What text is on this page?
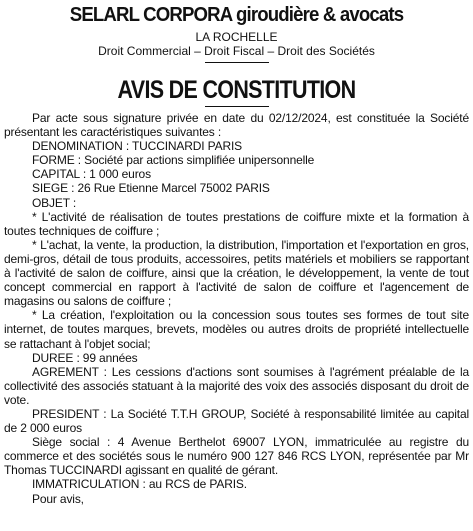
SELARL CORPORA giroudière & avocats
LA ROCHELLE
Droit Commercial – Droit Fiscal – Droit des Sociétés
AVIS DE CONSTITUTION

Par acte sous signature privée en date du 02/12/2024, est constituée la Société présentant les caractéristiques suivantes :

DENOMINATION : TUCCINARDI PARIS

FORME : Société par actions simplifiée unipersonnelle

CAPITAL : 1 000 euros

SIEGE : 26 Rue Etienne Marcel 75002 PARIS

OBJET :

* L'activité de réalisation de toutes prestations de coiffure mixte et la formation à toutes techniques de coiffure ;

* L'achat, la vente, la production, la distribution, l'importation et l'exportation en gros, demi-gros, détail de tous produits, accessoires, petits matériels et mobiliers se rapportant à l'activité de salon de coiffure, ainsi que la création, le développement, la vente de tout concept commercial en rapport à l'activité de salon de coiffure et l'agencement de magasins ou salons de coiffure ;

* La création, l'exploitation ou la concession sous toutes ses formes de tout site internet, de toutes marques, brevets, modèles ou autres droits de propriété intellectuelle se rattachant à l'objet social;

DUREE : 99 années

AGREMENT : Les cessions d'actions sont soumises à l'agrément préalable de la collectivité des associés statuant à la majorité des voix des associés disposant du droit de vote.

PRESIDENT : La Société T.T.H GROUP, Société à responsabilité limitée au capital de 2 000 euros

Siège social : 4 Avenue Berthelot 69007 LYON, immatriculée au registre du commerce et des sociétés sous le numéro 900 127 846 RCS LYON, représentée par Mr Thomas TUCCINARDI agissant en qualité de gérant.

IMMATRICULATION : au RCS de PARIS.

Pour avis,
